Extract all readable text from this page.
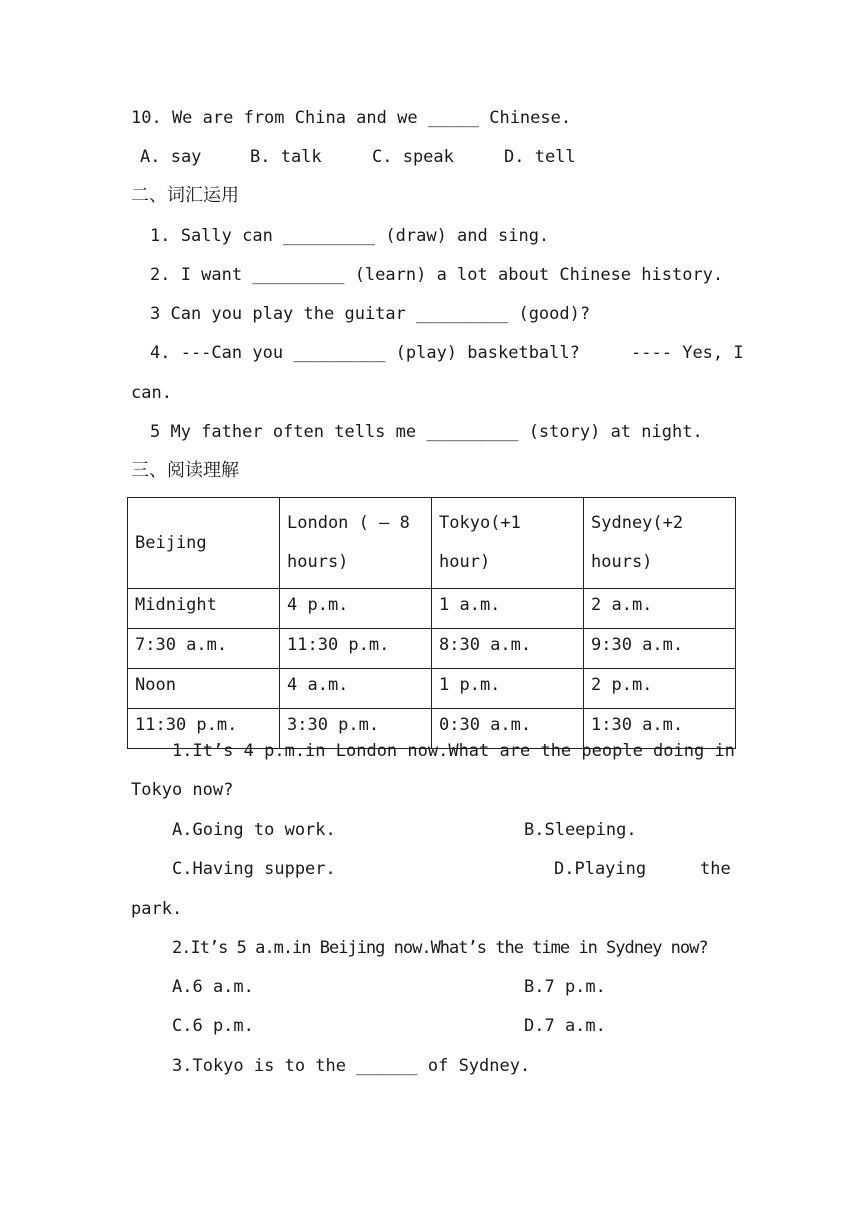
10. We are from China and we _____ Chinese.
A. say	B. talk	C. speak	D. tell
二、词汇运用
1. Sally can _________ (draw) and sing.
2. I want _________ (learn) a lot about Chinese history.
3 Can you play the guitar _________ (good)?
4. ---Can you _________ (play) basketball?     ---- Yes, I
can.
5 My father often tells me _________ (story) at night.
三、阅读理解
Beijing	London ( — 8 hours)	Tokyo(+1 hour)	Sydney(+2 hours)
Midnight	4 p.m.	1 a.m.	2 a.m.
7:30 a.m.	11:30 p.m.	8:30 a.m.	9:30 a.m.
Noon	4 a.m.	1 p.m.	2 p.m.
11:30 p.m.	3:30 p.m.	0:30 a.m.	1:30 a.m.
1.It’s 4 p.m.in London now.What are the people doing in
Tokyo now?
A.Going to work.	B.Sleeping.
C.Having supper.	D.Playing	the
park.
2.It’s 5 a.m.in Beijing now.What’s the time in Sydney now?
A.6 a.m.	B.7 p.m.
C.6 p.m.	D.7 a.m.
3.Tokyo is to the ______ of Sydney.
